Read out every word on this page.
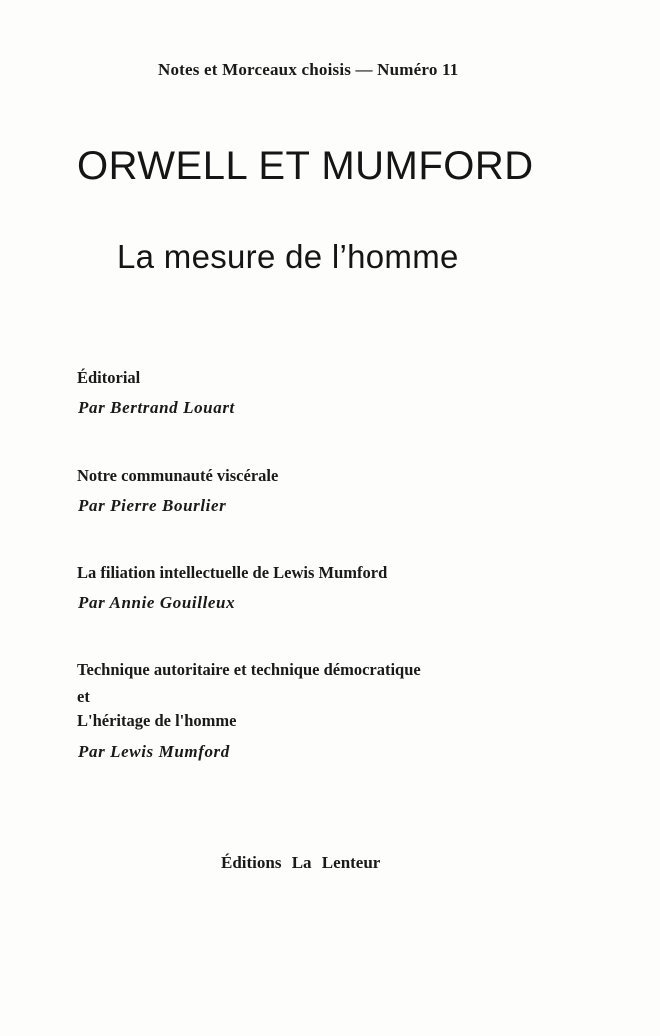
Notes et Morceaux choisis — Numéro 11
ORWELL ET MUMFORD
La mesure de l’homme
Éditorial
Par Bertrand Louart
Notre communauté viscérale
Par Pierre Bourlier
La filiation intellectuelle de Lewis Mumford
Par Annie Gouilleux
Technique autoritaire et technique démocratique
et
L'héritage de l'homme
Par Lewis Mumford
Éditions La Lenteur
